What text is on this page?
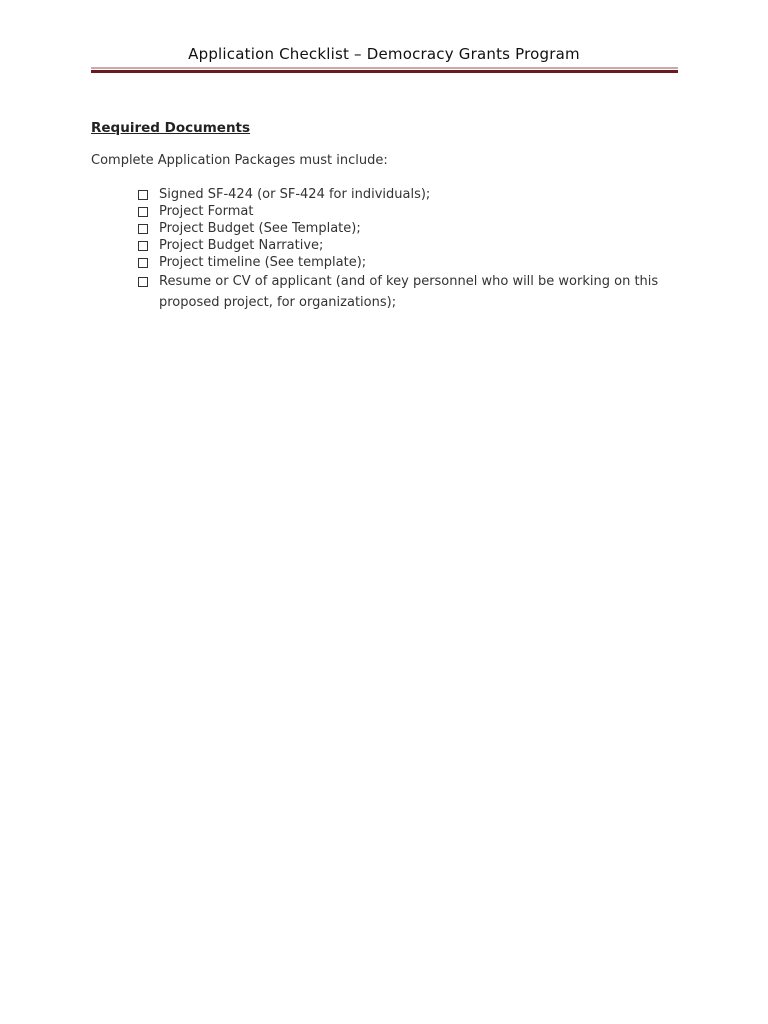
Application Checklist – Democracy Grants Program
Required Documents
Complete Application Packages must include:
Signed SF-424 (or SF-424 for individuals);
Project Format
Project Budget (See Template);
Project Budget Narrative;
Project timeline (See template);
Resume or CV of applicant (and of key personnel who will be working on this proposed project, for organizations);
